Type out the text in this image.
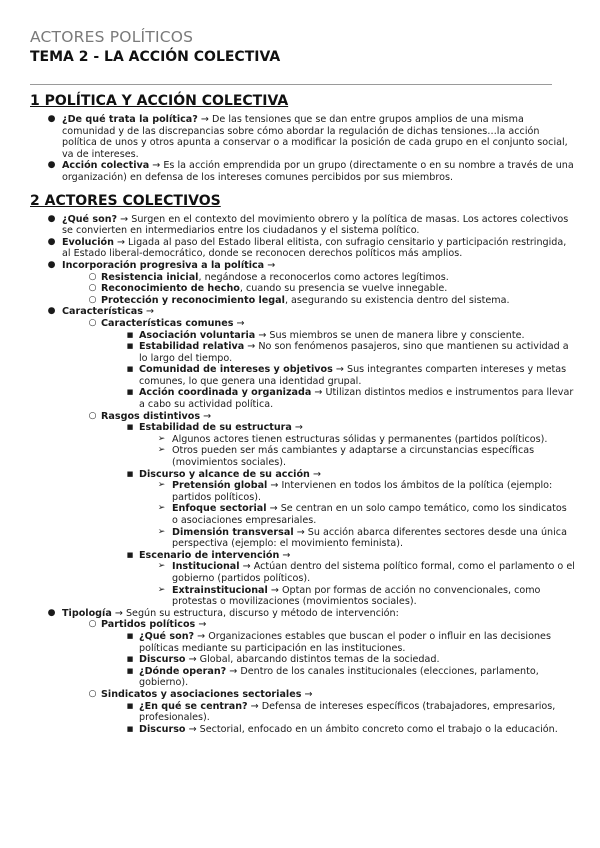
ACTORES POLÍTICOS
TEMA 2 - LA ACCIÓN COLECTIVA
1 POLÍTICA Y ACCIÓN COLECTIVA
● ¿De qué trata la política? → De las tensiones que se dan entre grupos amplios de una misma comunidad y de las discrepancias sobre cómo abordar la regulación de dichas tensiones…la acción política de unos y otros apunta a conservar o a modificar la posición de cada grupo en el conjunto social, va de intereses.
● Acción colectiva → Es la acción emprendida por un grupo (directamente o en su nombre a través de una organización) en defensa de los intereses comunes percibidos por sus miembros.
2 ACTORES COLECTIVOS
● ¿Qué son? → Surgen en el contexto del movimiento obrero y la política de masas. Los actores colectivos se convierten en intermediarios entre los ciudadanos y el sistema político.
● Evolución → Ligada al paso del Estado liberal elitista, con sufragio censitario y participación restringida, al Estado liberal-democrático, donde se reconocen derechos políticos más amplios.
● Incorporación progresiva a la política →
○ Resistencia inicial, negándose a reconocerlos como actores legítimos.
○ Reconocimiento de hecho, cuando su presencia se vuelve innegable.
○ Protección y reconocimiento legal, asegurando su existencia dentro del sistema.
● Características →
○ Características comunes →
■ Asociación voluntaria → Sus miembros se unen de manera libre y consciente.
■ Estabilidad relativa → No son fenómenos pasajeros, sino que mantienen su actividad a lo largo del tiempo.
■ Comunidad de intereses y objetivos → Sus integrantes comparten intereses y metas comunes, lo que genera una identidad grupal.
■ Acción coordinada y organizada → Utilizan distintos medios e instrumentos para llevar a cabo su actividad política.
○ Rasgos distintivos →
■ Estabilidad de su estructura →
➢ Algunos actores tienen estructuras sólidas y permanentes (partidos políticos).
➢ Otros pueden ser más cambiantes y adaptarse a circunstancias específicas (movimientos sociales).
■ Discurso y alcance de su acción →
➢ Pretensión global → Intervienen en todos los ámbitos de la política (ejemplo: partidos políticos).
➢ Enfoque sectorial → Se centran en un solo campo temático, como los sindicatos o asociaciones empresariales.
➢ Dimensión transversal → Su acción abarca diferentes sectores desde una única perspectiva (ejemplo: el movimiento feminista).
■ Escenario de intervención →
➢ Institucional → Actúan dentro del sistema político formal, como el parlamento o el gobierno (partidos políticos).
➢ Extrainstitucional → Optan por formas de acción no convencionales, como protestas o movilizaciones (movimientos sociales).
● Tipología → Según su estructura, discurso y método de intervención:
○ Partidos políticos →
■ ¿Qué son? → Organizaciones estables que buscan el poder o influir en las decisiones políticas mediante su participación en las instituciones.
■ Discurso → Global, abarcando distintos temas de la sociedad.
■ ¿Dónde operan? → Dentro de los canales institucionales (elecciones, parlamento, gobierno).
○ Sindicatos y asociaciones sectoriales →
■ ¿En qué se centran? → Defensa de intereses específicos (trabajadores, empresarios, profesionales).
■ Discurso → Sectorial, enfocado en un ámbito concreto como el trabajo o la educación.
